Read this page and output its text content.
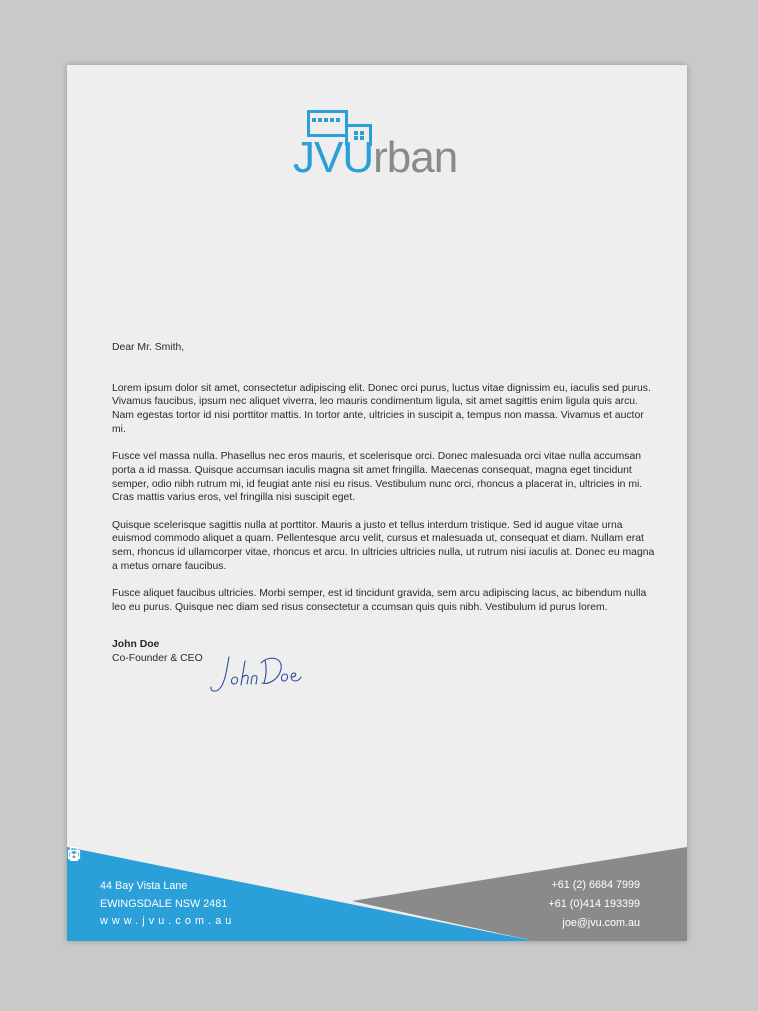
JVUrban

Dear Mr. Smith,

Lorem ipsum dolor sit amet, consectetur adipiscing elit. Donec orci purus, luctus vitae dignissim eu, iaculis sed purus. Vivamus faucibus, ipsum nec aliquet viverra, leo mauris condimentum ligula, sit amet sagittis enim ligula quis arcu. Nam egestas tortor id nisi porttitor mattis. In tortor ante, ultricies in suscipit a, tempus non massa. Vivamus et auctor mi.

Fusce vel massa nulla. Phasellus nec eros mauris, et scelerisque orci. Donec malesuada orci vitae nulla accumsan porta a id massa. Quisque accumsan iaculis magna sit amet fringilla. Maecenas consequat, magna eget tincidunt semper, odio nibh rutrum mi, id feugiat ante nisi eu risus. Vestibulum nunc orci, rhoncus a placerat in, ultricies in mi. Cras mattis varius eros, vel fringilla nisi suscipit eget.

Quisque scelerisque sagittis nulla at porttitor. Mauris a justo et tellus interdum tristique. Sed id augue vitae urna euismod commodo aliquet a quam. Pellentesque arcu velit, cursus et malesuada ut, consequat et diam. Nullam erat sem, rhoncus id ullamcorper vitae, rhoncus et arcu. In ultricies ultricies nulla, ut rutrum nisi iaculis at. Donec eu magna a metus ornare faucibus.

Fusce aliquet faucibus ultricies. Morbi semper, est id tincidunt gravida, sem arcu adipiscing lacus, ac bibendum nulla leo eu purus. Quisque nec diam sed risus consectetur a ccumsan quis quis nibh. Vestibulum id purus lorem.

John Doe
Co-Founder & CEO
44 Bay Vista Lane
EWINGSDALE NSW 2481
www.jvu.com.au
+61 (2) 6684 7999
+61 (0)414 193399
joe@jvu.com.au
